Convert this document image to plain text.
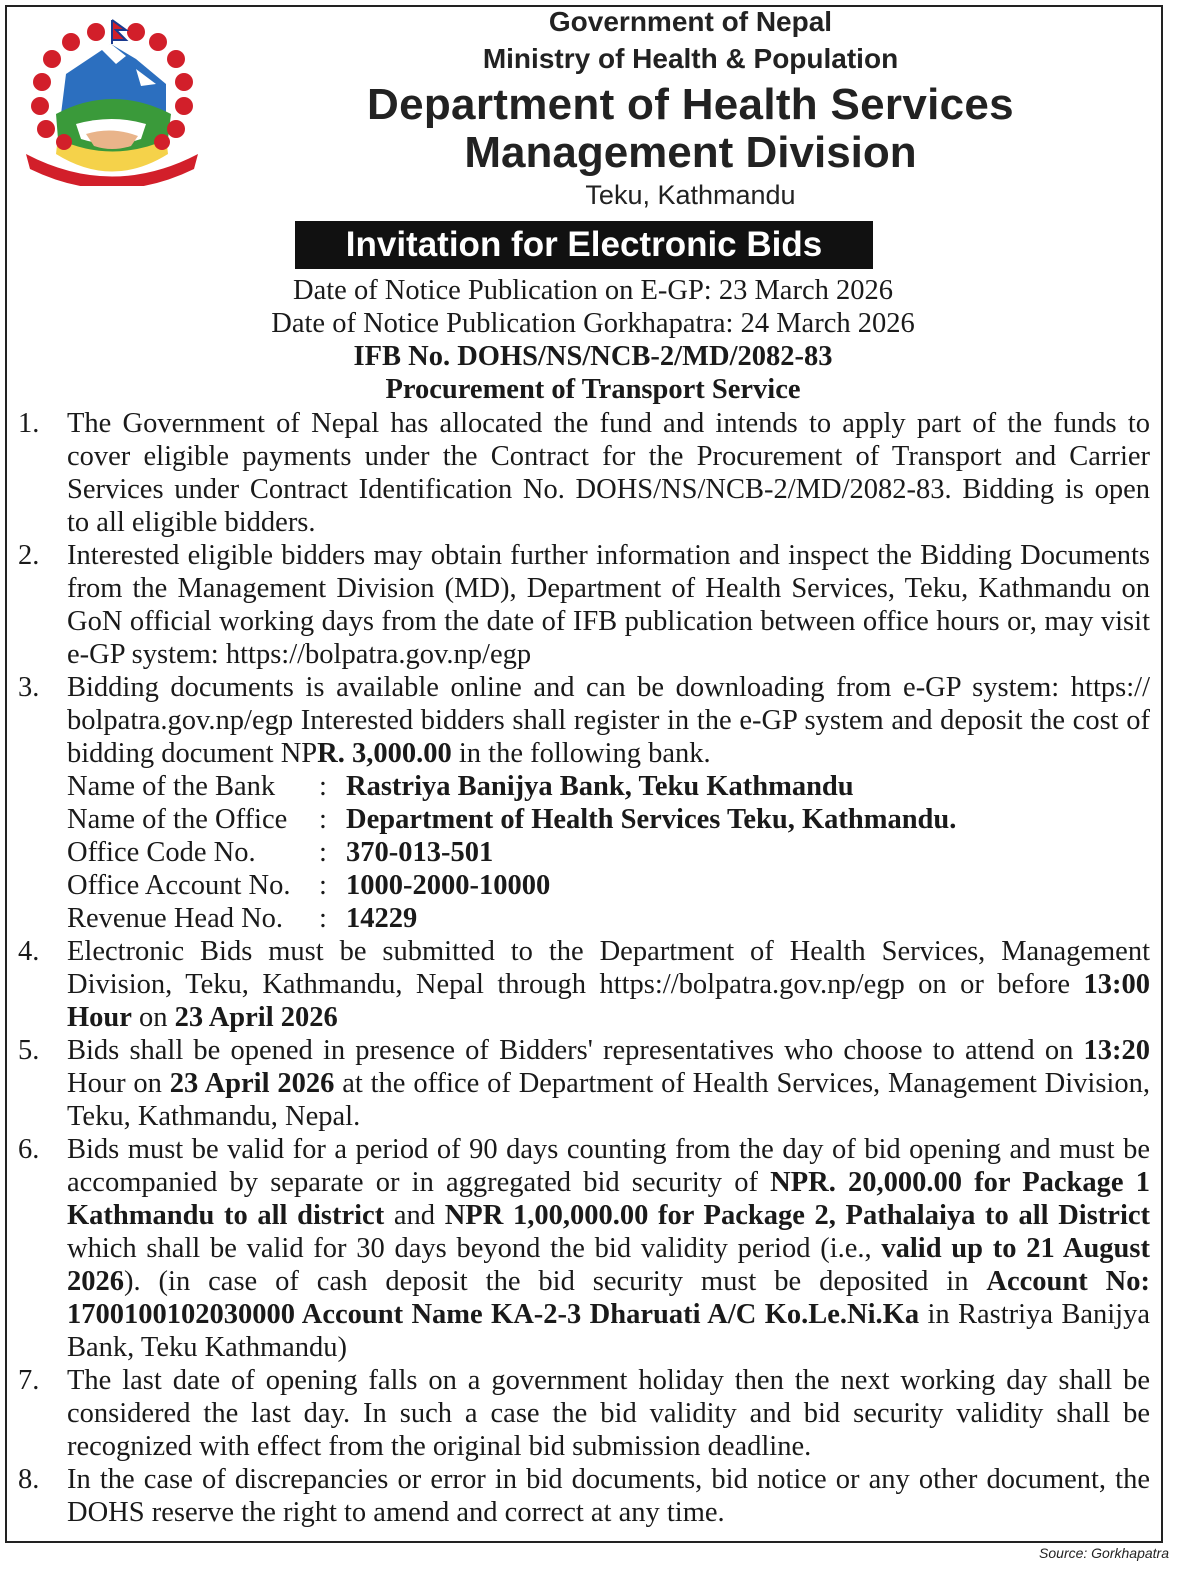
Government of Nepal
Ministry of Health & Population
Department of Health Services
Management Division
Teku, Kathmandu
Invitation for Electronic Bids
Date of Notice Publication on E-GP: 23 March 2026
Date of Notice Publication Gorkhapatra: 24 March 2026
IFB No. DOHS/NS/NCB-2/MD/2082-83
Procurement of Transport Service
1. The Government of Nepal has allocated the fund and intends to apply part of the funds to cover eligible payments under the Contract for the Procurement of Transport and Carrier Services under Contract Identification No. DOHS/NS/NCB-2/MD/2082-83. Bidding is open to all eligible bidders.
2. Interested eligible bidders may obtain further information and inspect the Bidding Documents from the Management Division (MD), Department of Health Services, Teku, Kathmandu on GoN official working days from the date of IFB publication between office hours or, may visit e-GP system: https://bolpatra.gov.np/egp
3. Bidding documents is available online and can be downloading from e-GP system: https:// bolpatra.gov.np/egp Interested bidders shall register in the e-GP system and deposit the cost of bidding document NPR. 3,000.00 in the following bank.
Name of the Bank	: Rastriya Banijya Bank, Teku Kathmandu
Name of the Office	: Department of Health Services Teku, Kathmandu.
Office Code No.	: 370-013-501
Office Account No.	: 1000-2000-10000
Revenue Head No.	: 14229
4. Electronic Bids must be submitted to the Department of Health Services, Management Division, Teku, Kathmandu, Nepal through https://bolpatra.gov.np/egp on or before 13:00 Hour on 23 April 2026
5. Bids shall be opened in presence of Bidders' representatives who choose to attend on 13:20 Hour on 23 April 2026 at the office of Department of Health Services, Management Division, Teku, Kathmandu, Nepal.
6. Bids must be valid for a period of 90 days counting from the day of bid opening and must be accompanied by separate or in aggregated bid security of NPR. 20,000.00 for Package 1 Kathmandu to all district and NPR 1,00,000.00 for Package 2, Pathalaiya to all District which shall be valid for 30 days beyond the bid validity period (i.e., valid up to 21 August 2026). (in case of cash deposit the bid security must be deposited in Account No: 1700100102030000 Account Name KA-2-3 Dharuati A/C Ko.Le.Ni.Ka in Rastriya Banijya Bank, Teku Kathmandu)
7. The last date of opening falls on a government holiday then the next working day shall be considered the last day. In such a case the bid validity and bid security validity shall be recognized with effect from the original bid submission deadline.
8. In the case of discrepancies or error in bid documents, bid notice or any other document, the DOHS reserve the right to amend and correct at any time.
Source: Gorkhapatra
